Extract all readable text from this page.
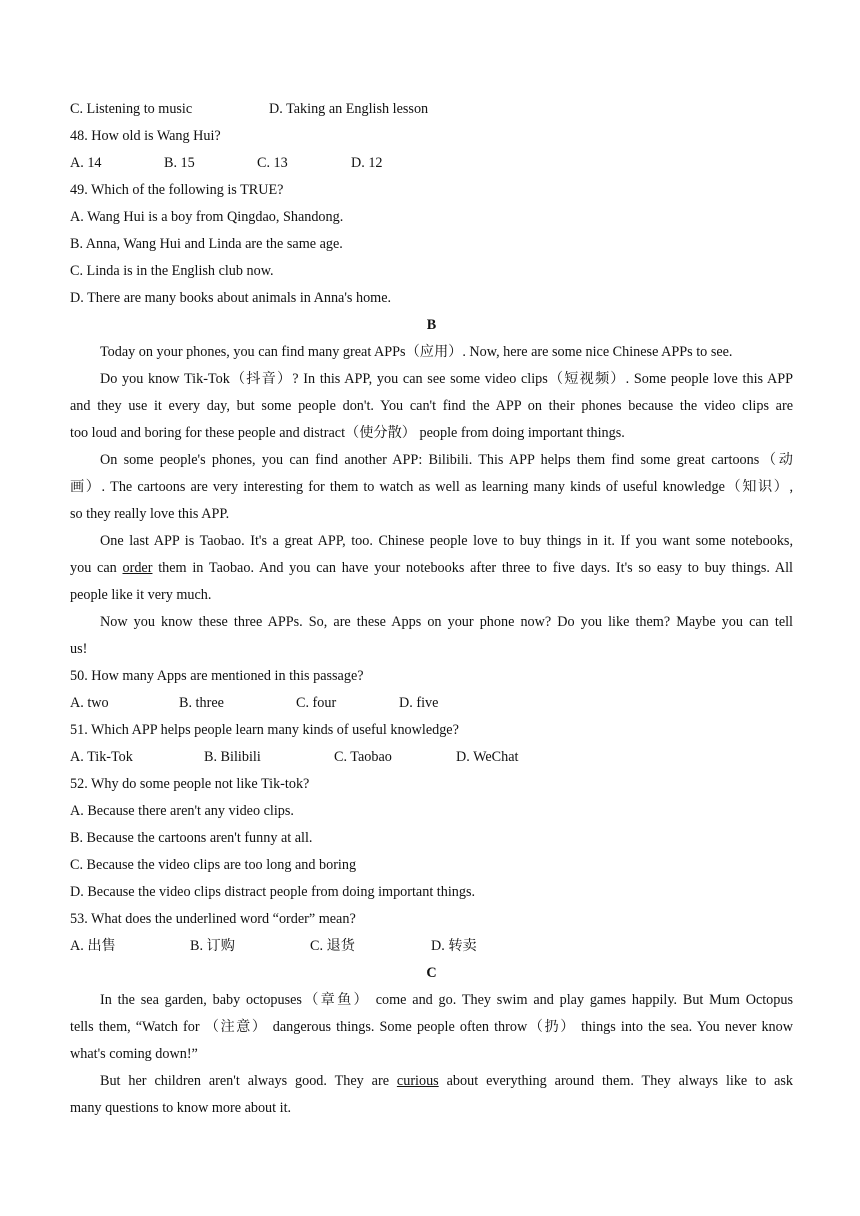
C. Listening to music	D. Taking an English lesson
48. How old is Wang Hui?
A. 14	B. 15	C. 13	D. 12
49. Which of the following is TRUE?
A. Wang Hui is a boy from Qingdao, Shandong.
B. Anna, Wang Hui and Linda are the same age.
C. Linda is in the English club now.
D. There are many books about animals in Anna's home.
B
Today on your phones, you can find many great APPs（应用）. Now, here are some nice Chinese APPs to see.
Do you know Tik-Tok（抖音）? In this APP, you can see some video clips（短视频）. Some people love this APP
and they use it every day, but some people don't. You can't find the APP on their phones because the video clips are
too loud and boring for these people and distract（使分散） people from doing important things.
On some people's phones, you can find another APP: Bilibili. This APP helps them find some great cartoons（动
画）. The cartoons are very interesting for them to watch as well as learning many kinds of useful knowledge（知识）,
so they really love this APP.
One last APP is Taobao. It's a great APP, too. Chinese people love to buy things in it. If you want some notebooks,
you can order them in Taobao. And you can have your notebooks after three to five days. It's so easy to buy things. All
people like it very much.
Now you know these three APPs. So, are these Apps on your phone now? Do you like them? Maybe you can tell
us!
50. How many Apps are mentioned in this passage?
A. two	B. three	C. four	D. five
51. Which APP helps people learn many kinds of useful knowledge?
A. Tik-Tok	B. Bilibili	C. Taobao	D. WeChat
52. Why do some people not like Tik-tok?
A. Because there aren't any video clips.
B. Because the cartoons aren't funny at all.
C. Because the video clips are too long and boring
D. Because the video clips distract people from doing important things.
53. What does the underlined word “order” mean?
A. 出售	B. 订购	C. 退货	D. 转卖
C
In the sea garden, baby octopuses（章鱼） come and go. They swim and play games happily. But Mum Octopus
tells them, “Watch for （注意） dangerous things. Some people often throw（扔） things into the sea. You never know
what's coming down!”
But her children aren't always good. They are curious about everything around them. They always like to ask
many questions to know more about it.
